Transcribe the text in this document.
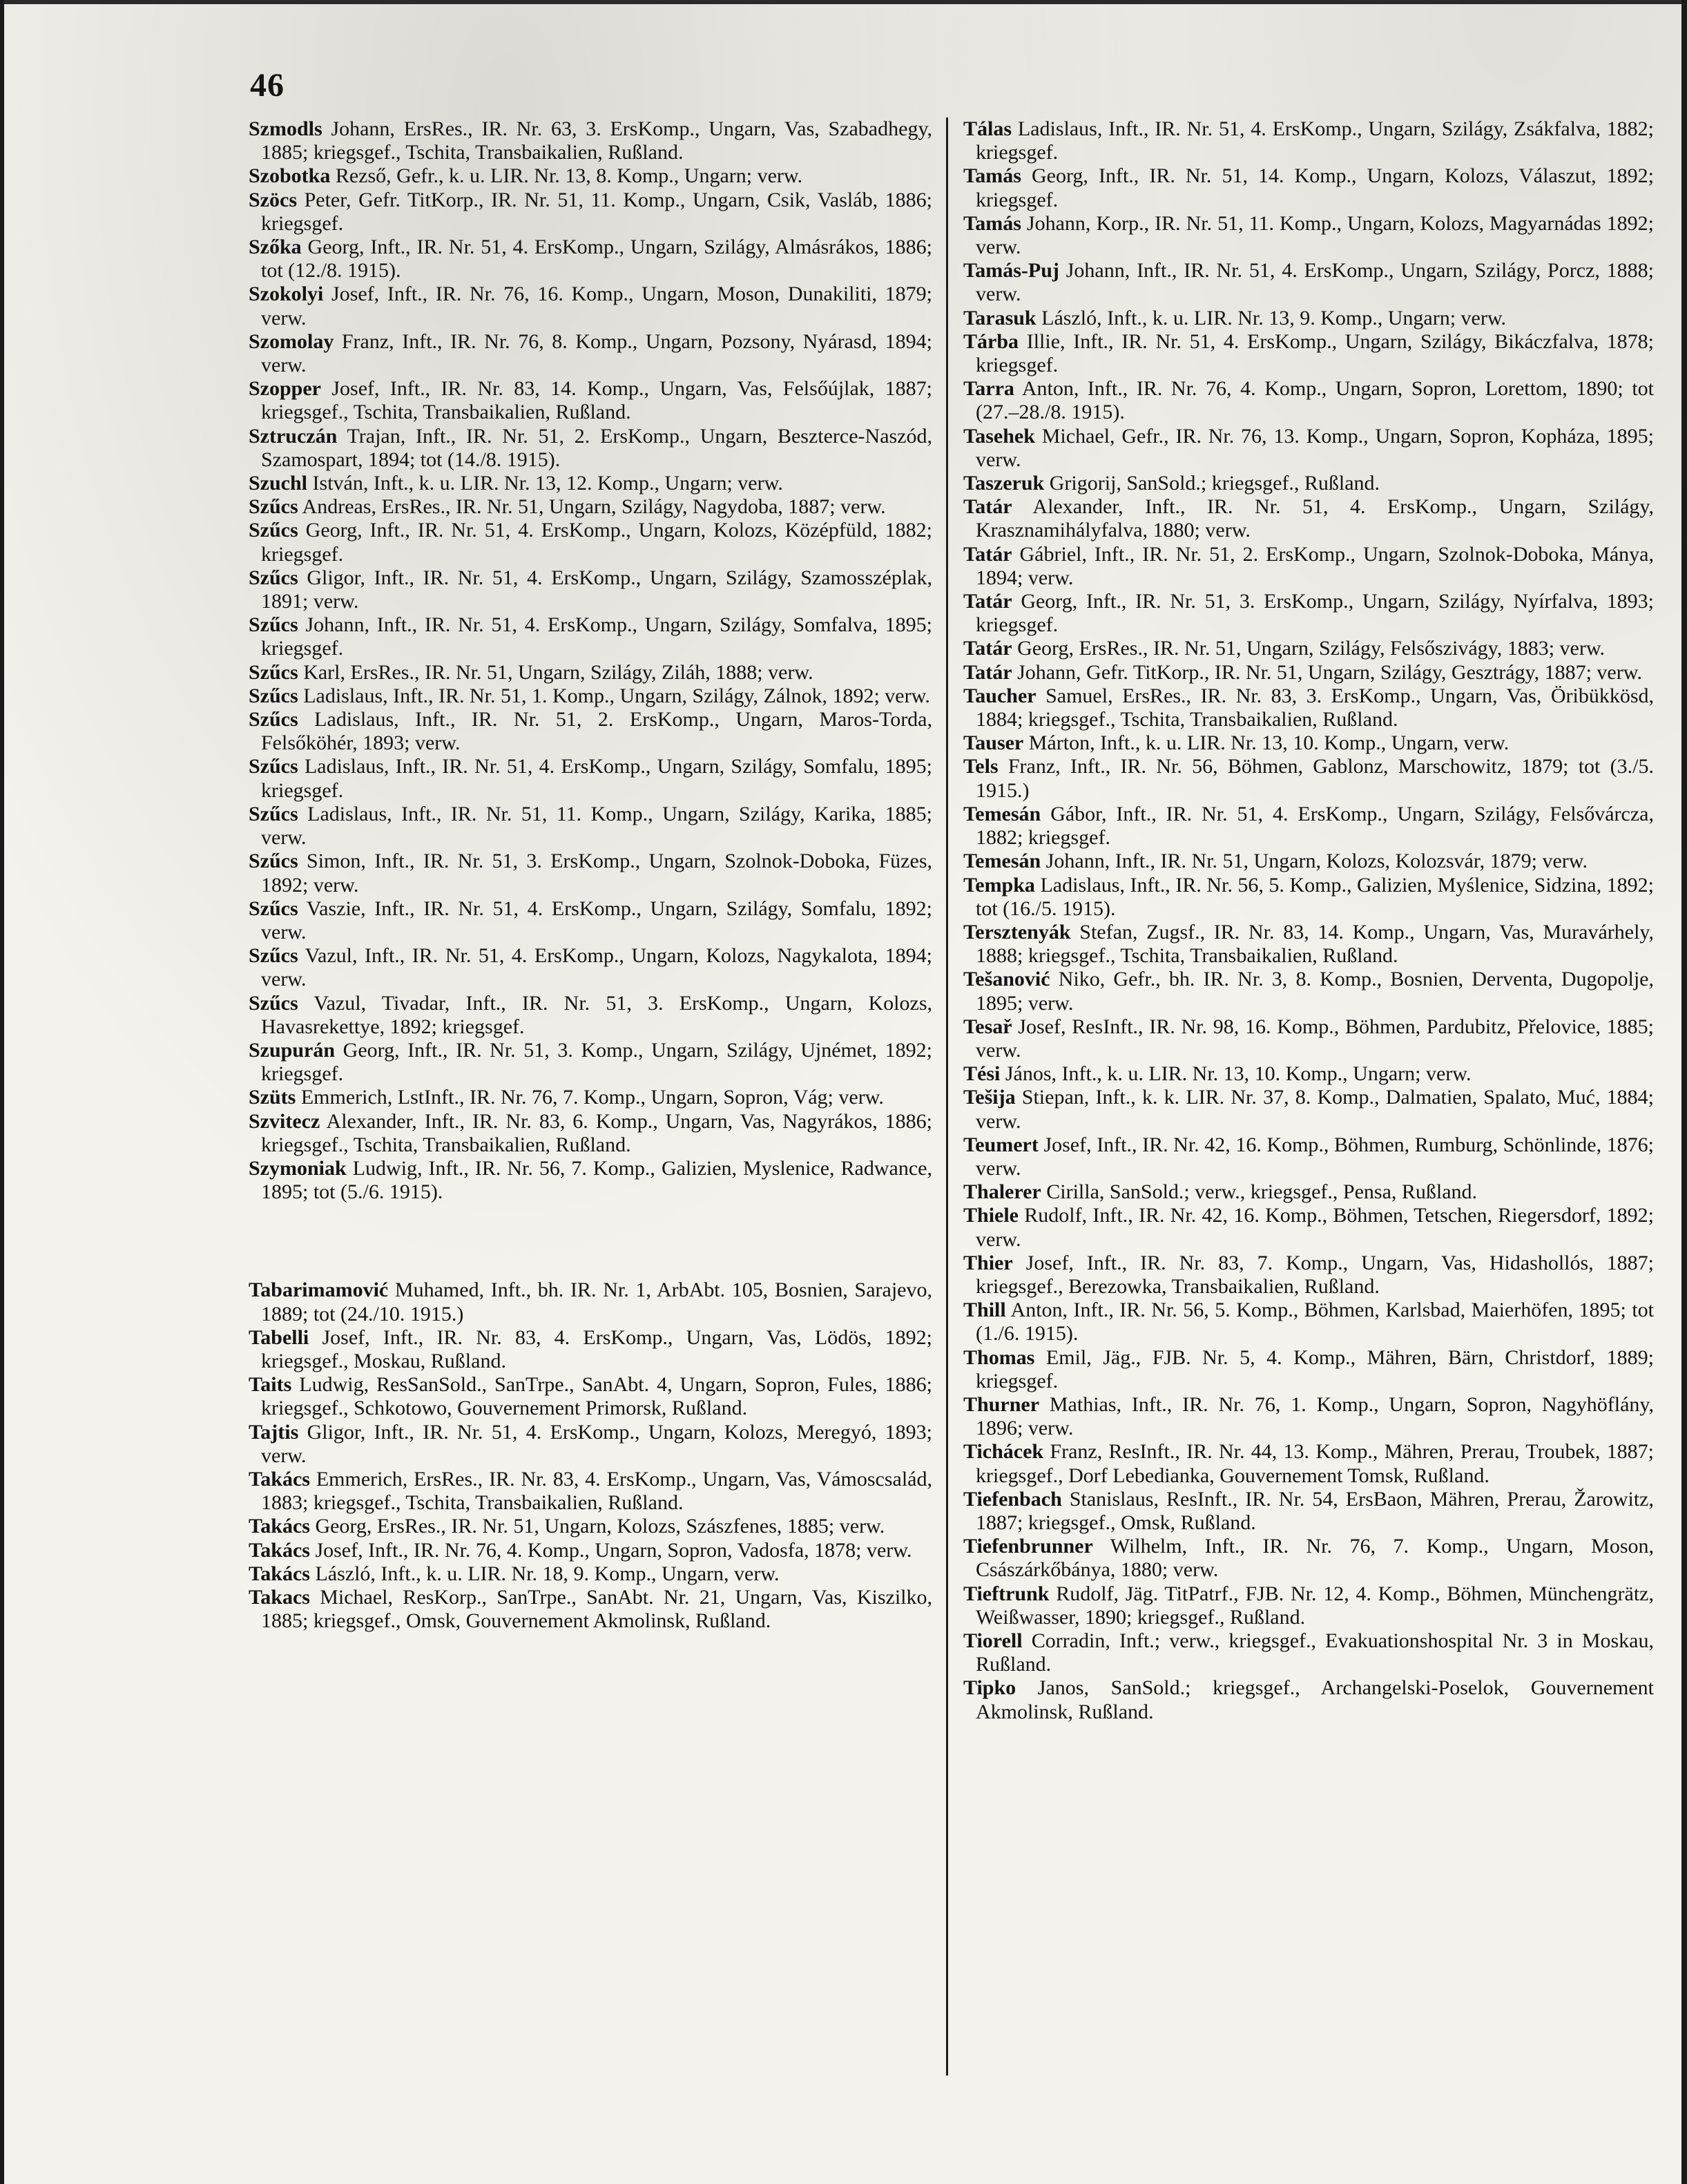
46

Szmodls Johann, ErsRes., IR. Nr. 63, 3. ErsKomp., Ungarn, Vas, Szabadhegy, 1885; kriegsgef., Tschita, Transbaikalien, Rußland.

Szobotka Rezső, Gefr., k. u. LIR. Nr. 13, 8. Komp., Ungarn; verw.

Szöcs Peter, Gefr. TitKorp., IR. Nr. 51, 11. Komp., Ungarn, Csik, Vasláb, 1886; kriegsgef.

Szőka Georg, Inft., IR. Nr. 51, 4. ErsKomp., Ungarn, Szilágy, Almásrákos, 1886; tot (12./8. 1915).

Szokolyi Josef, Inft., IR. Nr. 76, 16. Komp., Ungarn, Moson, Dunakiliti, 1879; verw.

Szomolay Franz, Inft., IR. Nr. 76, 8. Komp., Ungarn, Pozsony, Nyárasd, 1894; verw.

Szopper Josef, Inft., IR. Nr. 83, 14. Komp., Ungarn, Vas, Felsőújlak, 1887; kriegsgef., Tschita, Transbaikalien, Rußland.

Sztruczán Trajan, Inft., IR. Nr. 51, 2. ErsKomp., Ungarn, Beszterce-Naszód, Szamospart, 1894; tot (14./8. 1915).

Szuchl István, Inft., k. u. LIR. Nr. 13, 12. Komp., Ungarn; verw.

Szűcs Andreas, ErsRes., IR. Nr. 51, Ungarn, Szilágy, Nagydoba, 1887; verw.

Szűcs Georg, Inft., IR. Nr. 51, 4. ErsKomp., Ungarn, Kolozs, Középfüld, 1882; kriegsgef.

Szűcs Gligor, Inft., IR. Nr. 51, 4. ErsKomp., Ungarn, Szilágy, Szamosszéplak, 1891; verw.

Szűcs Johann, Inft., IR. Nr. 51, 4. ErsKomp., Ungarn, Szilágy, Somfalva, 1895; kriegsgef.

Szűcs Karl, ErsRes., IR. Nr. 51, Ungarn, Szilágy, Ziláh, 1888; verw.

Szűcs Ladislaus, Inft., IR. Nr. 51, 1. Komp., Ungarn, Szilágy, Zálnok, 1892; verw.

Szűcs Ladislaus, Inft., IR. Nr. 51, 2. ErsKomp., Ungarn, Maros-Torda, Felsőköhér, 1893; verw.

Szűcs Ladislaus, Inft., IR. Nr. 51, 4. ErsKomp., Ungarn, Szilágy, Somfalu, 1895; kriegsgef.

Szűcs Ladislaus, Inft., IR. Nr. 51, 11. Komp., Ungarn, Szilágy, Karika, 1885; verw.

Szűcs Simon, Inft., IR. Nr. 51, 3. ErsKomp., Ungarn, Szolnok-Doboka, Füzes, 1892; verw.

Szűcs Vaszie, Inft., IR. Nr. 51, 4. ErsKomp., Ungarn, Szilágy, Somfalu, 1892; verw.

Szűcs Vazul, Inft., IR. Nr. 51, 4. ErsKomp., Ungarn, Kolozs, Nagykalota, 1894; verw.

Szűcs Vazul, Tivadar, Inft., IR. Nr. 51, 3. ErsKomp., Ungarn, Kolozs, Havasrekettye, 1892; kriegsgef.

Szupurán Georg, Inft., IR. Nr. 51, 3. Komp., Ungarn, Szilágy, Ujnémet, 1892; kriegsgef.

Szüts Emmerich, LstInft., IR. Nr. 76, 7. Komp., Ungarn, Sopron, Vág; verw.

Szvitecz Alexander, Inft., IR. Nr. 83, 6. Komp., Ungarn, Vas, Nagyrákos, 1886; kriegsgef., Tschita, Transbaikalien, Rußland.

Szymoniak Ludwig, Inft., IR. Nr. 56, 7. Komp., Galizien, Myslenice, Radwance, 1895; tot (5./6. 1915).

Tabarimamović Muhamed, Inft., bh. IR. Nr. 1, ArbAbt. 105, Bosnien, Sarajevo, 1889; tot (24./10. 1915.)

Tabelli Josef, Inft., IR. Nr. 83, 4. ErsKomp., Ungarn, Vas, Lödös, 1892; kriegsgef., Moskau, Rußland.

Taits Ludwig, ResSanSold., SanTrpe., SanAbt. 4, Ungarn, Sopron, Fules, 1886; kriegsgef., Schkotowo, Gouvernement Primorsk, Rußland.

Tajtis Gligor, Inft., IR. Nr. 51, 4. ErsKomp., Ungarn, Kolozs, Meregyó, 1893; verw.

Takács Emmerich, ErsRes., IR. Nr. 83, 4. ErsKomp., Ungarn, Vas, Vámoscsalád, 1883; kriegsgef., Tschita, Transbaikalien, Rußland.

Takács Georg, ErsRes., IR. Nr. 51, Ungarn, Kolozs, Szászfenes, 1885; verw.

Takács Josef, Inft., IR. Nr. 76, 4. Komp., Ungarn, Sopron, Vadosfa, 1878; verw.

Takács László, Inft., k. u. LIR. Nr. 18, 9. Komp., Ungarn, verw.

Takacs Michael, ResKorp., SanTrpe., SanAbt. Nr. 21, Ungarn, Vas, Kiszilko, 1885; kriegsgef., Omsk, Gouvernement Akmolinsk, Rußland.

Tálas Ladislaus, Inft., IR. Nr. 51, 4. ErsKomp., Ungarn, Szilágy, Zsákfalva, 1882; kriegsgef.

Tamás Georg, Inft., IR. Nr. 51, 14. Komp., Ungarn, Kolozs, Válaszut, 1892; kriegsgef.

Tamás Johann, Korp., IR. Nr. 51, 11. Komp., Ungarn, Kolozs, Magyarnádas 1892; verw.

Tamás-Puj Johann, Inft., IR. Nr. 51, 4. ErsKomp., Ungarn, Szilágy, Porcz, 1888; verw.

Tarasuk László, Inft., k. u. LIR. Nr. 13, 9. Komp., Ungarn; verw.

Tárba Illie, Inft., IR. Nr. 51, 4. ErsKomp., Ungarn, Szilágy, Bikáczfalva, 1878; kriegsgef.

Tarra Anton, Inft., IR. Nr. 76, 4. Komp., Ungarn, Sopron, Lorettom, 1890; tot (27.–28./8. 1915).

Tasehek Michael, Gefr., IR. Nr. 76, 13. Komp., Ungarn, Sopron, Kopháza, 1895; verw.

Taszeruk Grigorij, SanSold.; kriegsgef., Rußland.

Tatár Alexander, Inft., IR. Nr. 51, 4. ErsKomp., Ungarn, Szilágy, Krasznamihályfalva, 1880; verw.

Tatár Gábriel, Inft., IR. Nr. 51, 2. ErsKomp., Ungarn, Szolnok-Doboka, Mánya, 1894; verw.

Tatár Georg, Inft., IR. Nr. 51, 3. ErsKomp., Ungarn, Szilágy, Nyírfalva, 1893; kriegsgef.

Tatár Georg, ErsRes., IR. Nr. 51, Ungarn, Szilágy, Felsőszivágy, 1883; verw.

Tatár Johann, Gefr. TitKorp., IR. Nr. 51, Ungarn, Szilágy, Gesztrágy, 1887; verw.

Taucher Samuel, ErsRes., IR. Nr. 83, 3. ErsKomp., Ungarn, Vas, Öribükkösd, 1884; kriegsgef., Tschita, Transbaikalien, Rußland.

Tauser Márton, Inft., k. u. LIR. Nr. 13, 10. Komp., Ungarn, verw.

Tels Franz, Inft., IR. Nr. 56, Böhmen, Gablonz, Marschowitz, 1879; tot (3./5. 1915.)

Temesán Gábor, Inft., IR. Nr. 51, 4. ErsKomp., Ungarn, Szilágy, Felsővárcza, 1882; kriegsgef.

Temesán Johann, Inft., IR. Nr. 51, Ungarn, Kolozs, Kolozsvár, 1879; verw.

Tempka Ladislaus, Inft., IR. Nr. 56, 5. Komp., Galizien, Myślenice, Sidzina, 1892; tot (16./5. 1915).

Tersztenyák Stefan, Zugsf., IR. Nr. 83, 14. Komp., Ungarn, Vas, Muravárhely, 1888; kriegsgef., Tschita, Transbaikalien, Rußland.

Tešanović Niko, Gefr., bh. IR. Nr. 3, 8. Komp., Bosnien, Derventa, Dugopolje, 1895; verw.

Tesař Josef, ResInft., IR. Nr. 98, 16. Komp., Böhmen, Pardubitz, Přelovice, 1885; verw.

Tési János, Inft., k. u. LIR. Nr. 13, 10. Komp., Ungarn; verw.

Tešija Stiepan, Inft., k. k. LIR. Nr. 37, 8. Komp., Dalmatien, Spalato, Muć, 1884; verw.

Teumert Josef, Inft., IR. Nr. 42, 16. Komp., Böhmen, Rumburg, Schönlinde, 1876; verw.

Thalerer Cirilla, SanSold.; verw., kriegsgef., Pensa, Rußland.

Thiele Rudolf, Inft., IR. Nr. 42, 16. Komp., Böhmen, Tetschen, Riegersdorf, 1892; verw.

Thier Josef, Inft., IR. Nr. 83, 7. Komp., Ungarn, Vas, Hidashollós, 1887; kriegsgef., Berezowka, Transbaikalien, Rußland.

Thill Anton, Inft., IR. Nr. 56, 5. Komp., Böhmen, Karlsbad, Maierhöfen, 1895; tot (1./6. 1915).

Thomas Emil, Jäg., FJB. Nr. 5, 4. Komp., Mähren, Bärn, Christdorf, 1889; kriegsgef.

Thurner Mathias, Inft., IR. Nr. 76, 1. Komp., Ungarn, Sopron, Nagyhöflány, 1896; verw.

Tichácek Franz, ResInft., IR. Nr. 44, 13. Komp., Mähren, Prerau, Troubek, 1887; kriegsgef., Dorf Lebedianka, Gouvernement Tomsk, Rußland.

Tiefenbach Stanislaus, ResInft., IR. Nr. 54, ErsBaon, Mähren, Prerau, Žarowitz, 1887; kriegsgef., Omsk, Rußland.

Tiefenbrunner Wilhelm, Inft., IR. Nr. 76, 7. Komp., Ungarn, Moson, Császárkőbánya, 1880; verw.

Tieftrunk Rudolf, Jäg. TitPatrf., FJB. Nr. 12, 4. Komp., Böhmen, Münchengrätz, Weißwasser, 1890; kriegsgef., Rußland.

Tiorell Corradin, Inft.; verw., kriegsgef., Evakuationshospital Nr. 3 in Moskau, Rußland.

Tipko Janos, SanSold.; kriegsgef., Archangelski-Poselok, Gouvernement Akmolinsk, Rußland.
